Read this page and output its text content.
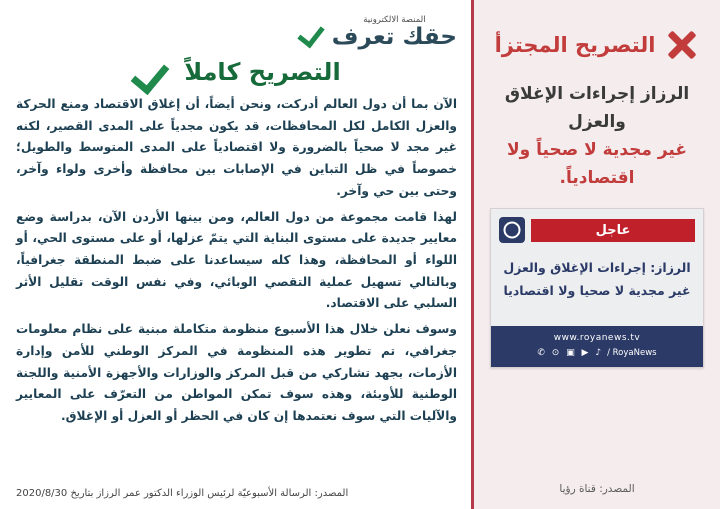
التصريح المجتزأ
الرزاز إجراءات الإغلاق والعزل
غير مجدية لا صحياً ولا اقتصادياً.
عاجل
الرزاز: إجراءات الإغلاق والعزل غير مجدية لا صحيا ولا اقتصاديا
www.royanews.tv
✆ ⊙ ▣ ▶ ♪ / RoyaNews
المصدر: قناة رؤيا
المنصة الالكترونية
حقك تعرف
التصريح كاملاً

الآن بما أن دول العالم أدركت، ونحن أيضاً، أن إغلاق الاقتصاد ومنع الحركة والعزل الكامل لكل المحافظات، قد يكون مجدياً على المدى القصير، لكنه غير مجد لا صحياً بالضرورة ولا اقتصادياً على المدى المتوسط والطويل؛ خصوصاً في ظل التباين في الإصابات بين محافظة وأخرى ولواء وآخر، وحتى بين حي وآخر.

لهذا قامت مجموعة من دول العالم، ومن بينها الأردن الآن، بدراسة وضع معايير جديدة على مستوى البناية التي يتمّ عزلها، أو على مستوى الحي، أو اللواء أو المحافظة، وهذا كله سيساعدنا على ضبط المنطقة جغرافياً، وبالتالي تسهيل عملية التقصي الوبائي، وفي نفس الوقت تقليل الأثر السلبي على الاقتصاد.

وسوف نعلن خلال هذا الأسبوع منظومة متكاملة مبنية على نظام معلومات جغرافي، تم تطوير هذه المنظومة في المركز الوطني للأمن وإدارة الأزمات، بجهد تشاركي من قبل المركز والوزارات والأجهزة الأمنية واللجنة الوطنية للأوبئة، وهذه سوف تمكن المواطن من التعرّف على المعايير والآليات التي سوف نعتمدها إن كان في الحظر أو العزل أو الإغلاق.

المصدر: الرسالة الأسبوعيّة لرئيس الوزراء الدكتور عمر الرزاز بتاريخ 2020/8/30
